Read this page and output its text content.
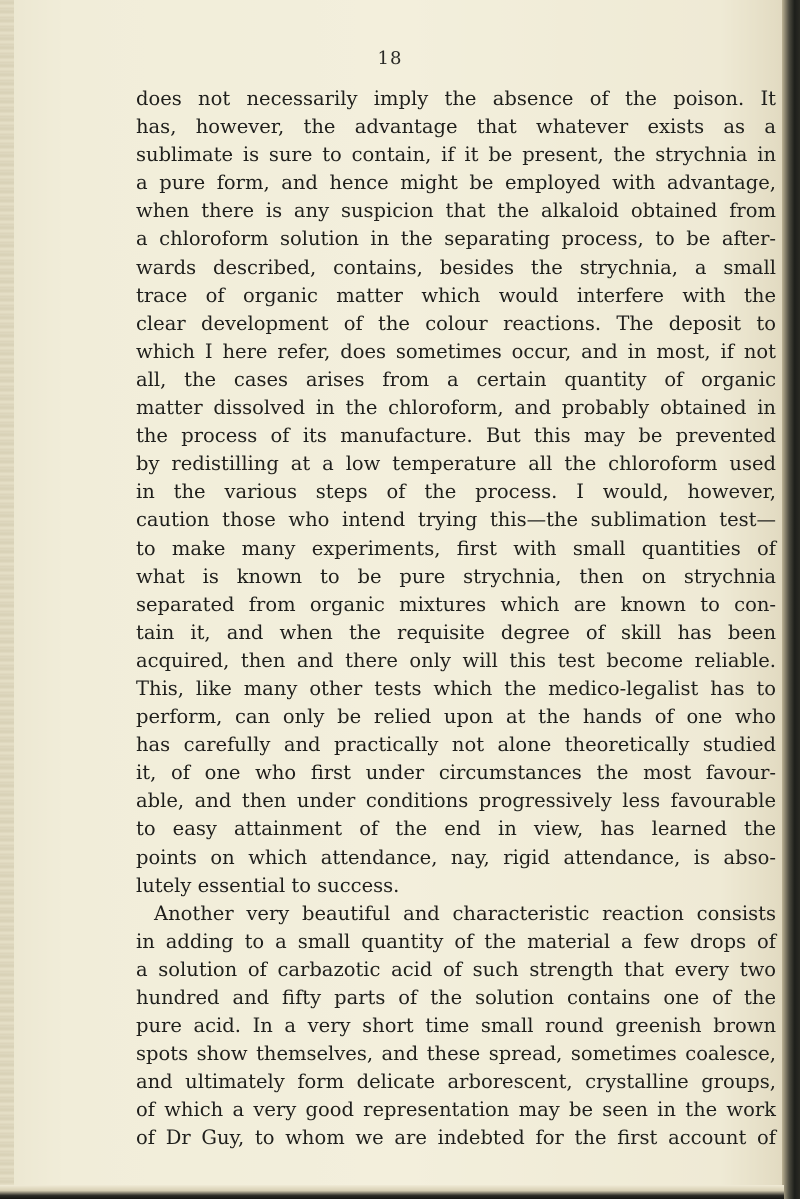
18
does not necessarily imply the absence of the poison. It
has, however, the advantage that whatever exists as a
sublimate is sure to contain, if it be present, the strychnia in
a pure form, and hence might be employed with advantage,
when there is any suspicion that the alkaloid obtained from
a chloroform solution in the separating process, to be after-
wards described, contains, besides the strychnia, a small
trace of organic matter which would interfere with the
clear development of the colour reactions. The deposit to
which I here refer, does sometimes occur, and in most, if not
all, the cases arises from a certain quantity of organic
matter dissolved in the chloroform, and probably obtained in
the process of its manufacture. But this may be prevented
by redistilling at a low temperature all the chloroform used
in the various steps of the process. I would, however,
caution those who intend trying this—the sublimation test—
to make many experiments, first with small quantities of
what is known to be pure strychnia, then on strychnia
separated from organic mixtures which are known to con-
tain it, and when the requisite degree of skill has been
acquired, then and there only will this test become reliable.
This, like many other tests which the medico-legalist has to
perform, can only be relied upon at the hands of one who
has carefully and practically not alone theoretically studied
it, of one who first under circumstances the most favour-
able, and then under conditions progressively less favourable
to easy attainment of the end in view, has learned the
points on which attendance, nay, rigid attendance, is abso-
lutely essential to success.
Another very beautiful and characteristic reaction consists
in adding to a small quantity of the material a few drops of
a solution of carbazotic acid of such strength that every two
hundred and fifty parts of the solution contains one of the
pure acid. In a very short time small round greenish brown
spots show themselves, and these spread, sometimes coalesce,
and ultimately form delicate arborescent, crystalline groups,
of which a very good representation may be seen in the work
of Dr Guy, to whom we are indebted for the first account of
